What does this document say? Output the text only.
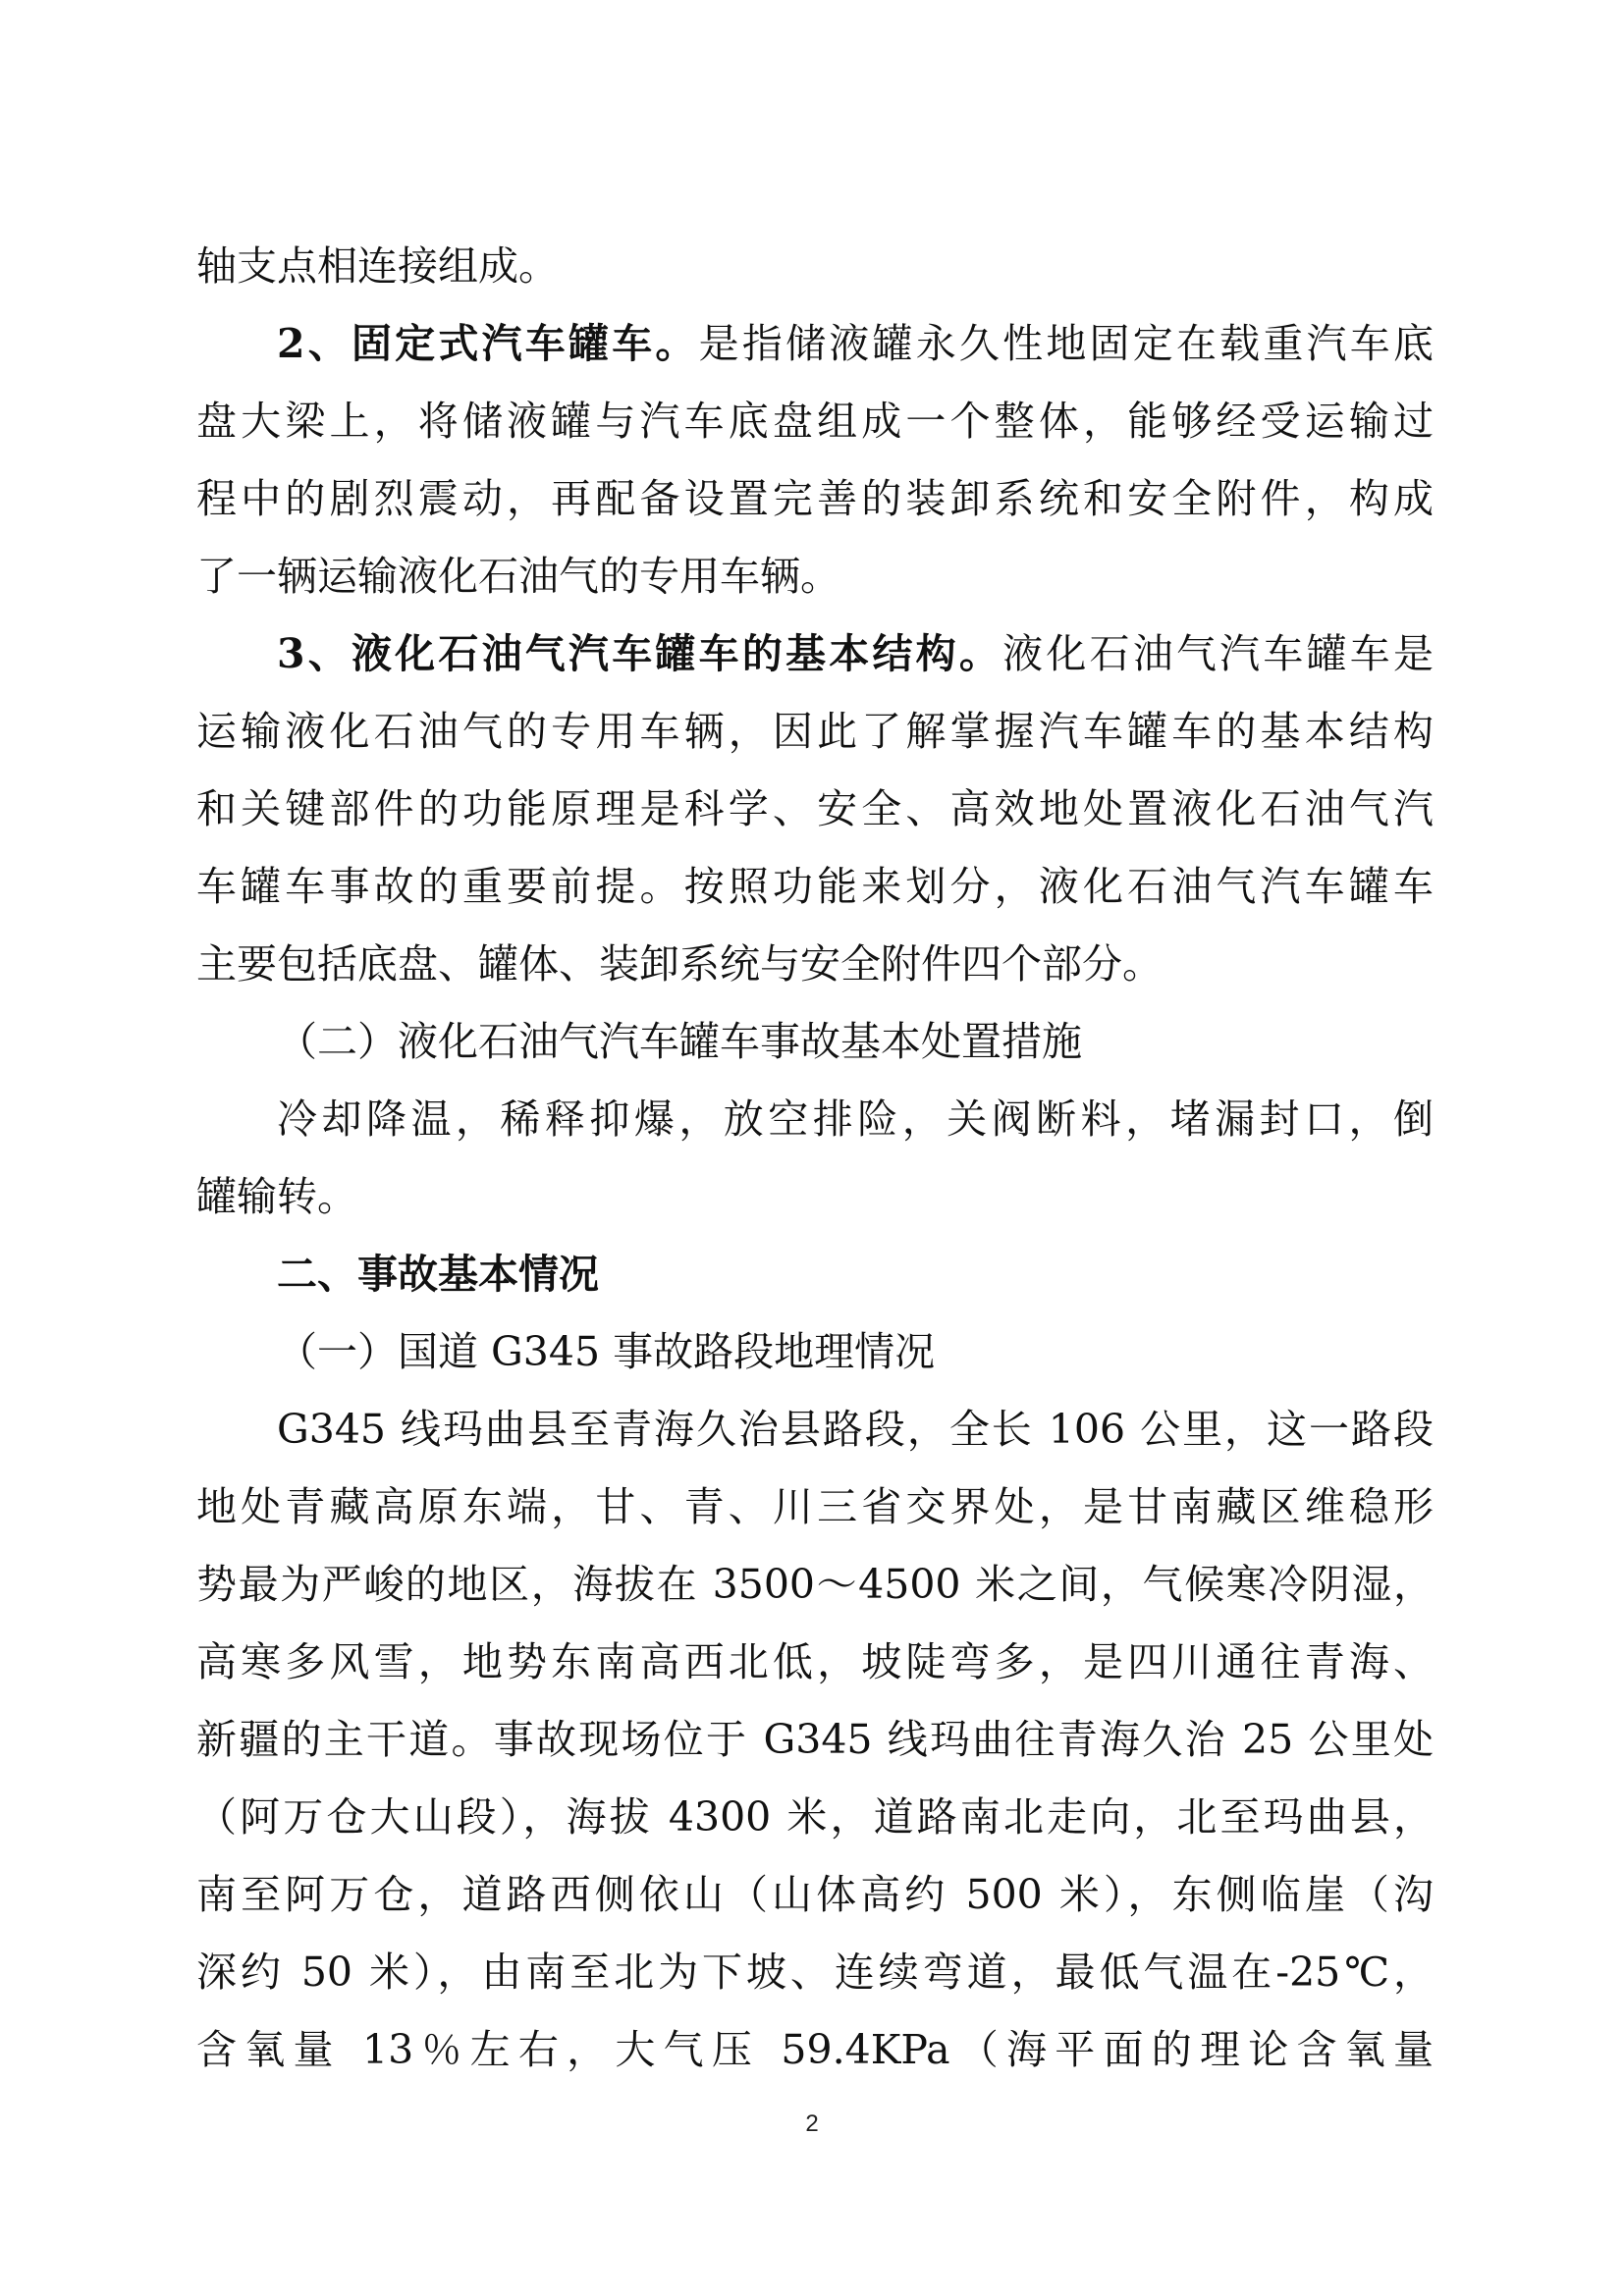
轴支点相连接组成。
2、固定式汽车罐车。是指储液罐永久性地固定在载重汽车底
盘大梁上，将储液罐与汽车底盘组成一个整体，能够经受运输过
程中的剧烈震动，再配备设置完善的装卸系统和安全附件，构成
了一辆运输液化石油气的专用车辆。
3、液化石油气汽车罐车的基本结构。液化石油气汽车罐车是
运输液化石油气的专用车辆，因此了解掌握汽车罐车的基本结构
和关键部件的功能原理是科学、安全、高效地处置液化石油气汽
车罐车事故的重要前提。按照功能来划分，液化石油气汽车罐车
主要包括底盘、罐体、装卸系统与安全附件四个部分。
（二）液化石油气汽车罐车事故基本处置措施
冷却降温，稀释抑爆，放空排险，关阀断料，堵漏封口，倒
罐输转。
二、事故基本情况
（一）国道 G345 事故路段地理情况
G345 线玛曲县至青海久治县路段，全长 106 公里，这一路段
地处青藏高原东端，甘、青、川三省交界处，是甘南藏区维稳形
势最为严峻的地区，海拔在 3500～4500 米之间，气候寒冷阴湿，
高寒多风雪，地势东南高西北低，坡陡弯多，是四川通往青海、
新疆的主干道。事故现场位于 G345 线玛曲往青海久治 25 公里处
（阿万仓大山段），海拔 4300 米，道路南北走向，北至玛曲县，
南至阿万仓，道路西侧依山（山体高约 500 米），东侧临崖（沟
深约 50 米），由南至北为下坡、连续弯道，最低气温在-25℃，
含氧量 13％左右，大气压 59.4KPa（海平面的理论含氧量
2
